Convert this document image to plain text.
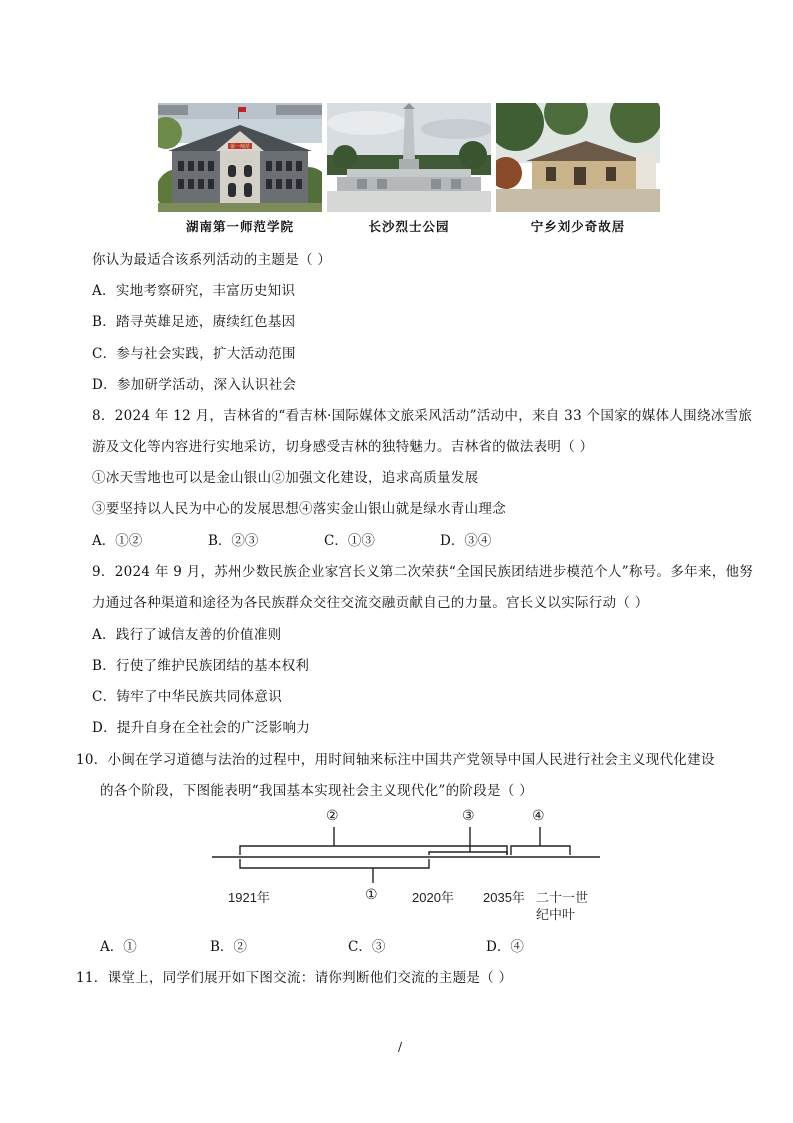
第一师范
湖南第一师范学院	长沙烈士公园	宁乡刘少奇故居
你认为最适合该系列活动的主题是（ ）
A．实地考察研究，丰富历史知识
B．踏寻英雄足迹，赓续红色基因
C．参与社会实践，扩大活动范围
D．参加研学活动，深入认识社会
8．2024 年 12 月，吉林省的“看吉林·国际媒体文旅采风活动”活动中，来自 33 个国家的媒体人围绕冰雪旅
游及文化等内容进行实地采访，切身感受吉林的独特魅力。吉林省的做法表明（ ）
①冰天雪地也可以是金山银山②加强文化建设，追求高质量发展
③要坚持以人民为中心的发展思想④落实金山银山就是绿水青山理念
A．①②	B．②③	C．①③	D．③④
9．2024 年 9 月，苏州少数民族企业家宫长义第二次荣获“全国民族团结进步模范个人”称号。多年来，他努
力通过各种渠道和途径为各民族群众交往交流交融贡献自己的力量。宫长义以实际行动（ ）
A．践行了诚信友善的价值准则
B．行使了维护民族团结的基本权利
C．铸牢了中华民族共同体意识
D．提升自身在全社会的广泛影响力
10．小闽在学习道德与法治的过程中，用时间轴来标注中国共产党领导中国人民进行社会主义现代化建设
的各个阶段，下图能表明“我国基本实现社会主义现代化”的阶段是（ ）
②	③	④
①
1921年	2020年 2035年 二十一世
纪中叶
A．①	B．②	C．③	D．④
11．课堂上，同学们展开如下图交流：请你判断他们交流的主题是（ ）
/
